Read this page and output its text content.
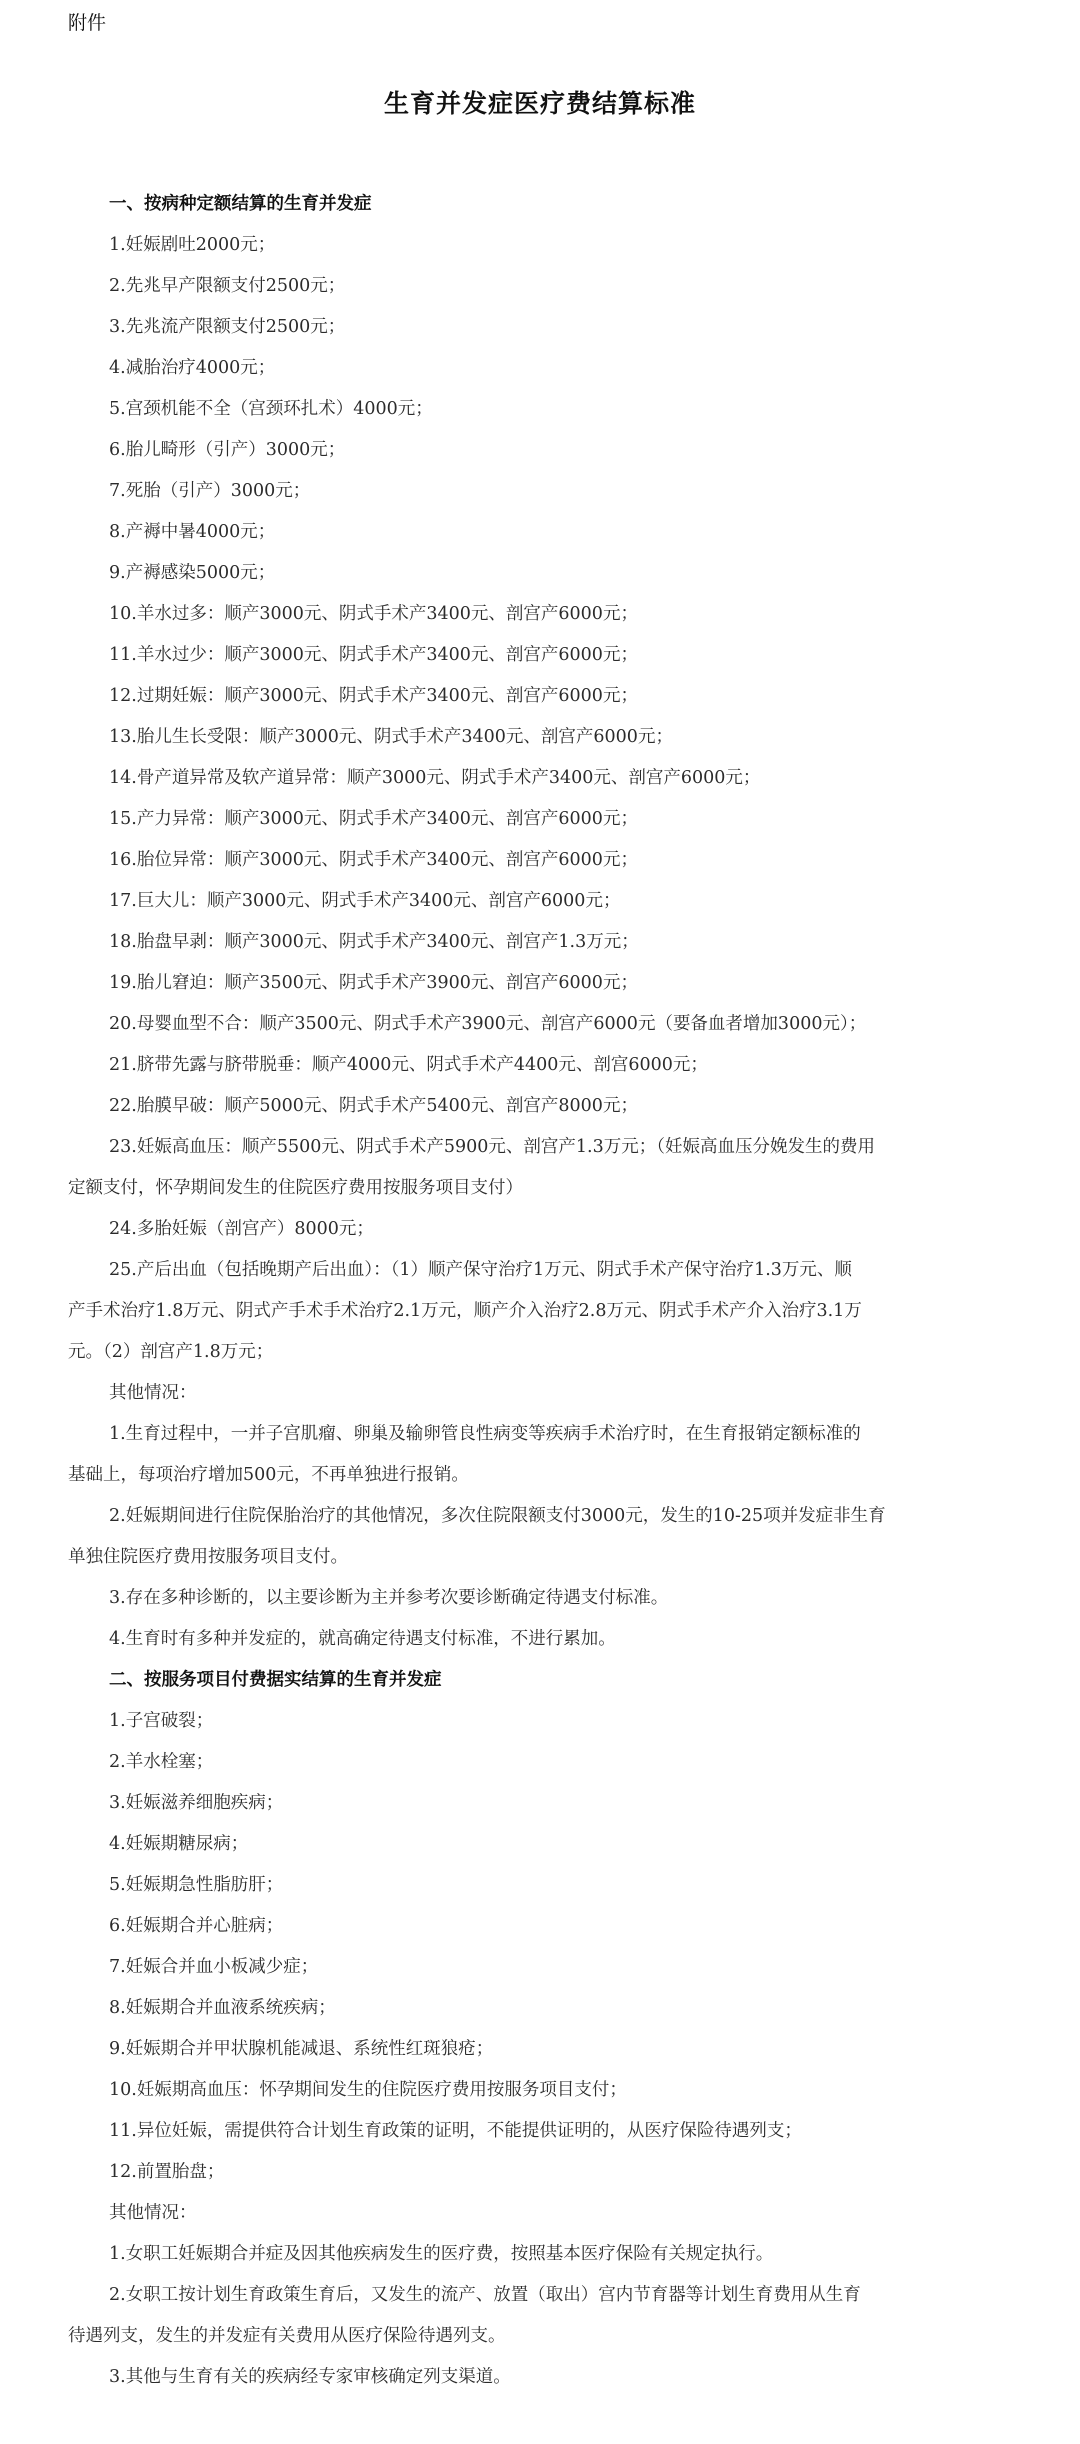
附件
生育并发症医疗费结算标准
一、按病种定额结算的生育并发症
1.妊娠剧吐2000元；
2.先兆早产限额支付2500元；
3.先兆流产限额支付2500元；
4.减胎治疗4000元；
5.宫颈机能不全（宫颈环扎术）4000元；
6.胎儿畸形（引产）3000元；
7.死胎（引产）3000元；
8.产褥中暑4000元；
9.产褥感染5000元；
10.羊水过多：顺产3000元、阴式手术产3400元、剖宫产6000元；
11.羊水过少：顺产3000元、阴式手术产3400元、剖宫产6000元；
12.过期妊娠：顺产3000元、阴式手术产3400元、剖宫产6000元；
13.胎儿生长受限：顺产3000元、阴式手术产3400元、剖宫产6000元；
14.骨产道异常及软产道异常：顺产3000元、阴式手术产3400元、剖宫产6000元；
15.产力异常：顺产3000元、阴式手术产3400元、剖宫产6000元；
16.胎位异常：顺产3000元、阴式手术产3400元、剖宫产6000元；
17.巨大儿：顺产3000元、阴式手术产3400元、剖宫产6000元；
18.胎盘早剥：顺产3000元、阴式手术产3400元、剖宫产1.3万元；
19.胎儿窘迫：顺产3500元、阴式手术产3900元、剖宫产6000元；
20.母婴血型不合：顺产3500元、阴式手术产3900元、剖宫产6000元（要备血者增加3000元）；
21.脐带先露与脐带脱垂：顺产4000元、阴式手术产4400元、剖宫6000元；
22.胎膜早破：顺产5000元、阴式手术产5400元、剖宫产8000元；
23.妊娠高血压：顺产5500元、阴式手术产5900元、剖宫产1.3万元；（妊娠高血压分娩发生的费用
定额支付，怀孕期间发生的住院医疗费用按服务项目支付）
24.多胎妊娠（剖宫产）8000元；
25.产后出血（包括晚期产后出血）：（1）顺产保守治疗1万元、阴式手术产保守治疗1.3万元、顺
产手术治疗1.8万元、阴式产手术手术治疗2.1万元，顺产介入治疗2.8万元、阴式手术产介入治疗3.1万
元。（2）剖宫产1.8万元；
其他情况：
1.生育过程中，一并子宫肌瘤、卵巢及输卵管良性病变等疾病手术治疗时，在生育报销定额标准的
基础上，每项治疗增加500元，不再单独进行报销。
2.妊娠期间进行住院保胎治疗的其他情况，多次住院限额支付3000元，发生的10-25项并发症非生育
单独住院医疗费用按服务项目支付。
3.存在多种诊断的，以主要诊断为主并参考次要诊断确定待遇支付标准。
4.生育时有多种并发症的，就高确定待遇支付标准，不进行累加。
二、按服务项目付费据实结算的生育并发症
1.子宫破裂；
2.羊水栓塞；
3.妊娠滋养细胞疾病；
4.妊娠期糖尿病；
5.妊娠期急性脂肪肝；
6.妊娠期合并心脏病；
7.妊娠合并血小板减少症；
8.妊娠期合并血液系统疾病；
9.妊娠期合并甲状腺机能减退、系统性红斑狼疮；
10.妊娠期高血压：怀孕期间发生的住院医疗费用按服务项目支付；
11.异位妊娠，需提供符合计划生育政策的证明，不能提供证明的，从医疗保险待遇列支；
12.前置胎盘；
其他情况：
1.女职工妊娠期合并症及因其他疾病发生的医疗费，按照基本医疗保险有关规定执行。
2.女职工按计划生育政策生育后，又发生的流产、放置（取出）宫内节育器等计划生育费用从生育
待遇列支，发生的并发症有关费用从医疗保险待遇列支。
3.其他与生育有关的疾病经专家审核确定列支渠道。
